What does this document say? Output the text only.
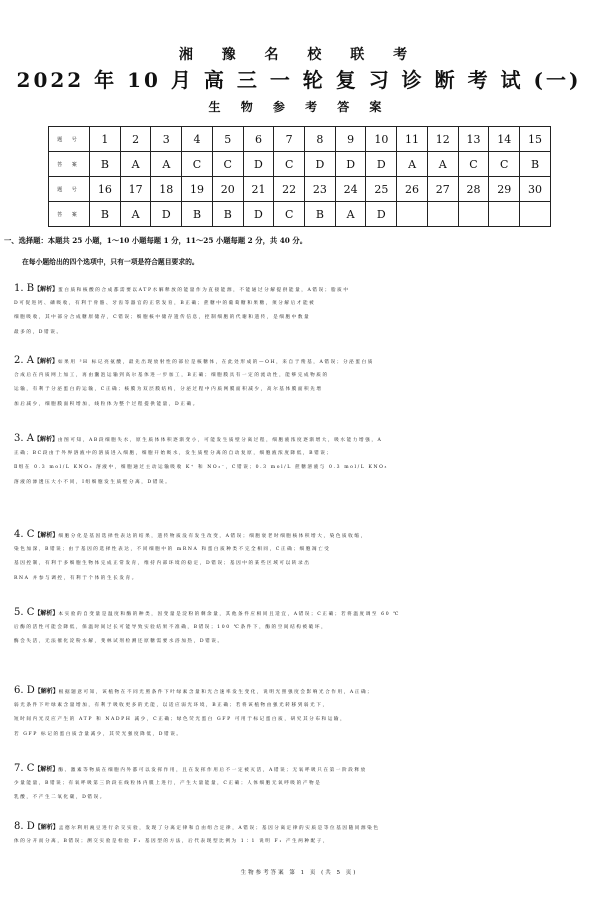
湘 豫 名 校 联 考
2022 年 10 月 高 三 一 轮 复 习 诊 断 考 试 (一)
生 物 参 考 答 案
题 号	1	2	3	4	5	6	7	8	9	10	11	12	13	14	15
答 案	B	A	A	C	C	D	C	D	D	D	A	A	C	C	B
题 号	16	17	18	19	20	21	22	23	24	25	26	27	28	29	30
答 案	B	A	D	B	B	D	C	B	A	D					
一、选择题：本题共 25 小题，1～10 小题每题 1 分，11～25 小题每题 2 分，共 40 分。
在每小题给出的四个选项中，只有一项是符合题目要求的。
1. B【解析】蛋白质和核酸的合成都需要以ATP水解释放的能量作为直接能源，不能通过分解提供能量，A错误；脂质中
D可促进钙、磷吸收，有利于骨骼、牙齿等器官的正常发育，B正确；蔗糖中的葡萄糖和果糖，须分解后才能被
细胞吸收，其中部分合成糖原储存，C错误；细胞核中储存遗传信息，控制细胞的代谢和遗传，是细胞中数量
最多的，D错误。
2. A【解析】如果用 ³H 标记亮氨酸，最先出现放射性的部位是核糖体，在此处形成的—OH，来自于羧基，A错误；分泌蛋白质
合成后在内质网上加工，再由囊泡运输到高尔基体进一步加工，B正确；细胞膜具有一定的流动性，能够完成物质的
运输，有利于分泌蛋白的运输，C正确；核膜为双层膜结构，分泌过程中内质网膜面积减少，高尔基体膜面积先增
加后减少，细胞膜面积增加，线粒体为整个过程提供能量，D正确。
3. A【解析】由图可知，AB段细胞失水，原生质体体积逐渐变小，可能发生质壁分离过程，细胞液浓度逐渐增大，吸水能力增强，A
正确；BC段由于外界溶液中的溶质进入细胞，细胞开始吸水，发生质壁分离的自动复原，细胞液浓度降低，B错误；
Ⅱ组在 0.3 mol/L KNO₃ 溶液中，细胞通过主动运输吸收 K⁺ 和 NO₃⁻，C错误；0.3 mol/L 蔗糖溶液与 0.3 mol/L KNO₃
溶液的渗透压大小不同，Ⅰ组细胞发生质壁分离，D错误。
4. C【解析】细胞分化是基因选择性表达的结果，遗传物质没有发生改变，A错误；细胞衰老时细胞核体积增大，染色质收缩，
染色加深，B错误；由于基因的选择性表达，不同细胞中的 mRNA 和蛋白质种类不完全相同，C正确；细胞凋亡受
基因控制，有利于多细胞生物体完成正常发育，维持内部环境的稳定，D错误；基因中的某些区域可以转录出
RNA 并参与调控，有利于个体的生长发育。
5. C【解析】本实验的自变量是温度和酶的种类，因变量是淀粉的剩余量，其他条件应相同且适宜，A错误；C正确；若将温度调至 60 ℃
后酶的活性可能会降低，保温时间过长可能导致实验结果不准确，B错误；100 ℃条件下，酶的空间结构被破坏，
酶会失活，无法催化淀粉水解，斐林试剂检测还原糖需要水浴加热，D错误。
6. D【解析】根据题意可知，该植物在不同光照条件下叶绿素含量和光合速率发生变化，说明光照强度会影响光合作用，A正确；
弱光条件下叶绿素含量增加，有利于吸收更多的光能，以适应弱光环境，B正确；若将该植物由强光转移到弱光下，
短时间内光反应产生的 ATP 和 NADPH 减少，C正确；绿色荧光蛋白 GFP 可用于标记蛋白质，研究其分布和运输，
若 GFP 标记的蛋白质含量减少，其荧光强度降低，D错误。
7. C【解析】酶、激素等物质在细胞内外都可以发挥作用，且在发挥作用后不一定被灭活，A错误；无氧呼吸只在第一阶段释放
少量能量，B错误；有氧呼吸第三阶段在线粒体内膜上进行，产生大量能量，C正确；人体细胞无氧呼吸的产物是
乳酸，不产生二氧化碳，D错误。
8. D【解析】孟德尔利用豌豆进行杂交实验，发现了分离定律和自由组合定律，A错误；基因分离定律的实质是等位基因随同源染色
体的分开而分离，B错误；测交实验是检验 F₁ 基因型的方法，后代表现型比例为 1∶1 说明 F₁ 产生两种配子，
生物参考答案 第 1 页 (共 5 页)
